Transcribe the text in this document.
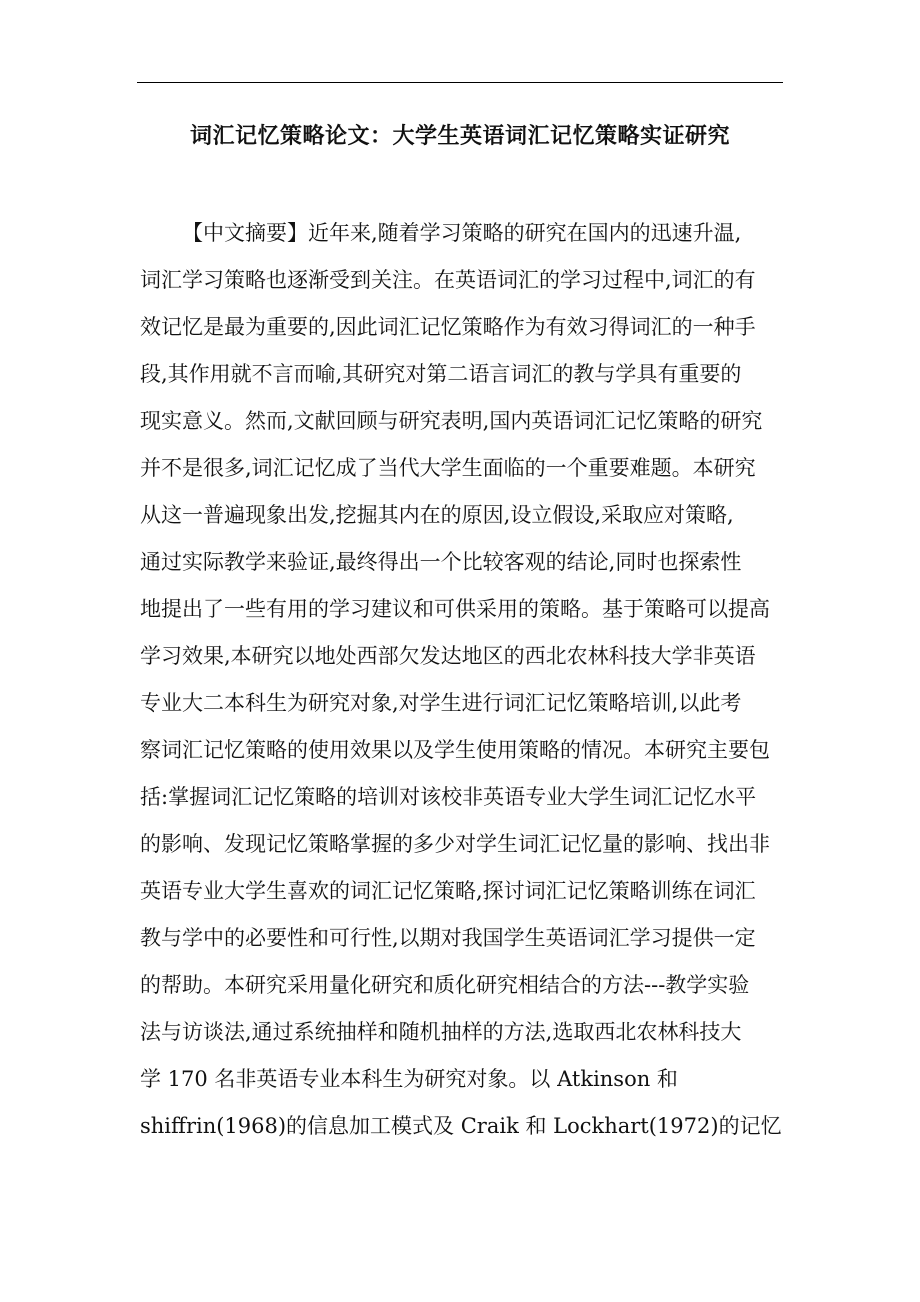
词汇记忆策略论文：大学生英语词汇记忆策略实证研究
【中文摘要】近年来,随着学习策略的研究在国内的迅速升温,
词汇学习策略也逐渐受到关注。在英语词汇的学习过程中,词汇的有
效记忆是最为重要的,因此词汇记忆策略作为有效习得词汇的一种手
段,其作用就不言而喻,其研究对第二语言词汇的教与学具有重要的
现实意义。然而,文献回顾与研究表明,国内英语词汇记忆策略的研究
并不是很多,词汇记忆成了当代大学生面临的一个重要难题。本研究
从这一普遍现象出发,挖掘其内在的原因,设立假设,采取应对策略,
通过实际教学来验证,最终得出一个比较客观的结论,同时也探索性
地提出了一些有用的学习建议和可供采用的策略。基于策略可以提高
学习效果,本研究以地处西部欠发达地区的西北农林科技大学非英语
专业大二本科生为研究对象,对学生进行词汇记忆策略培训,以此考
察词汇记忆策略的使用效果以及学生使用策略的情况。本研究主要包
括:掌握词汇记忆策略的培训对该校非英语专业大学生词汇记忆水平
的影响、发现记忆策略掌握的多少对学生词汇记忆量的影响、找出非
英语专业大学生喜欢的词汇记忆策略,探讨词汇记忆策略训练在词汇
教与学中的必要性和可行性,以期对我国学生英语词汇学习提供一定
的帮助。本研究采用量化研究和质化研究相结合的方法---教学实验
法与访谈法,通过系统抽样和随机抽样的方法,选取西北农林科技大
学 170 名非英语专业本科生为研究对象。以 Atkinson 和
shiffrin(1968)的信息加工模式及 Craik 和 Lockhart(1972)的记忆
